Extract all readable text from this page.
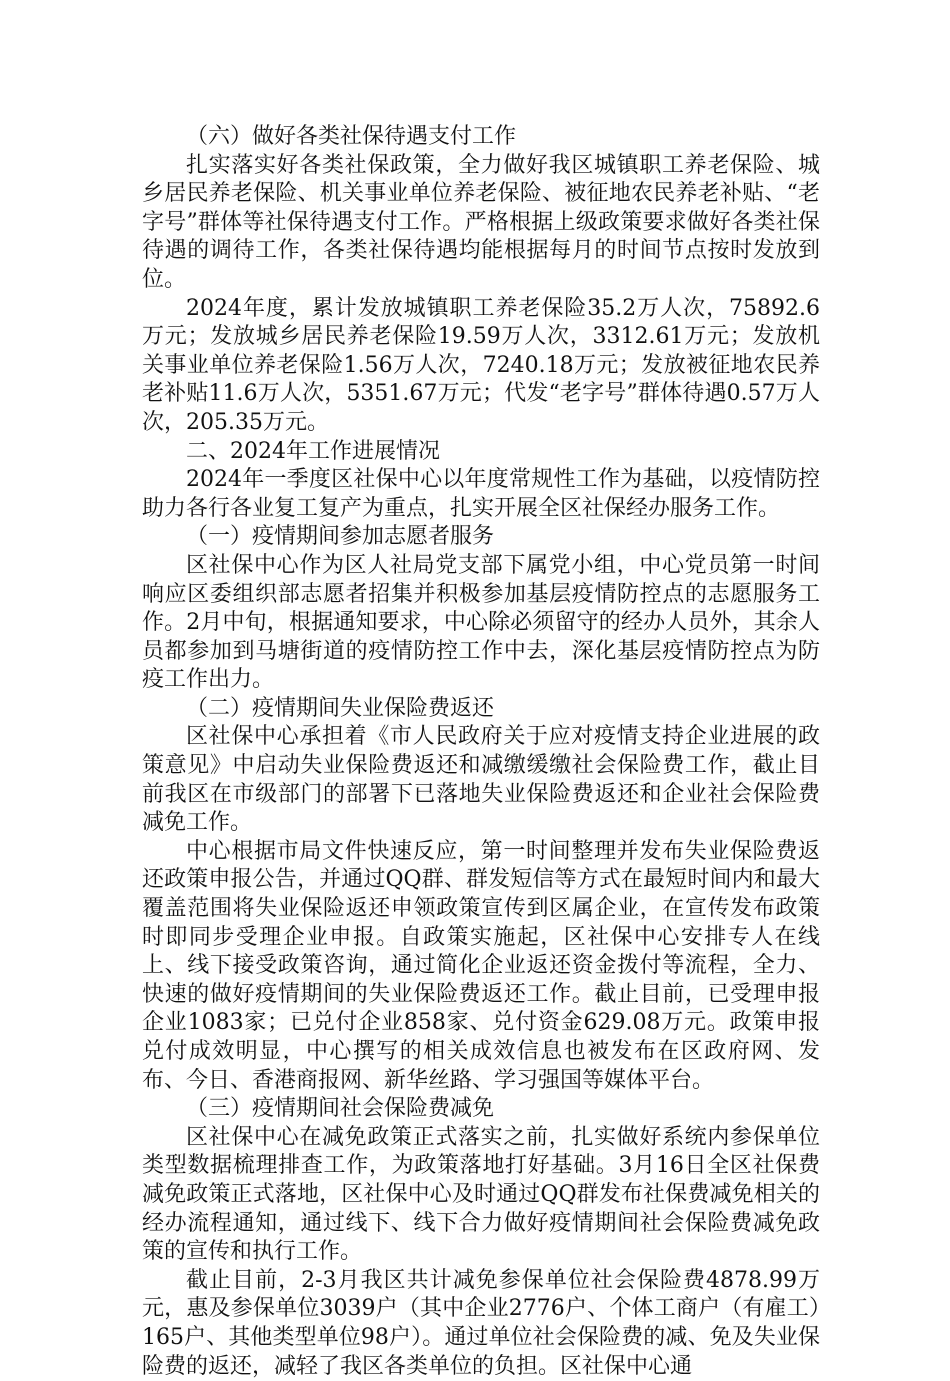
（六）做好各类社保待遇支付工作

扎实落实好各类社保政策，全力做好我区城镇职工养老保险、城乡居民养老保险、机关事业单位养老保险、被征地农民养老补贴、“老字号”群体等社保待遇支付工作。严格根据上级政策要求做好各类社保待遇的调待工作，各类社保待遇均能根据每月的时间节点按时发放到位。

2024年度，累计发放城镇职工养老保险35.2万人次，75892.6万元；发放城乡居民养老保险19.59万人次，3312.61万元；发放机关事业单位养老保险1.56万人次，7240.18万元；发放被征地农民养老补贴11.6万人次，5351.67万元；代发“老字号”群体待遇0.57万人次，205.35万元。

二、2024年工作进展情况

2024年一季度区社保中心以年度常规性工作为基础，以疫情防控助力各行各业复工复产为重点，扎实开展全区社保经办服务工作。

（一）疫情期间参加志愿者服务

区社保中心作为区人社局党支部下属党小组，中心党员第一时间响应区委组织部志愿者招集并积极参加基层疫情防控点的志愿服务工作。2月中旬，根据通知要求，中心除必须留守的经办人员外，其余人员都参加到马塘街道的疫情防控工作中去，深化基层疫情防控点为防疫工作出力。

（二）疫情期间失业保险费返还

区社保中心承担着《市人民政府关于应对疫情支持企业进展的政策意见》中启动失业保险费返还和减缴缓缴社会保险费工作，截止目前我区在市级部门的部署下已落地失业保险费返还和企业社会保险费减免工作。

中心根据市局文件快速反应，第一时间整理并发布失业保险费返还政策申报公告，并通过QQ群、群发短信等方式在最短时间内和最大覆盖范围将失业保险返还申领政策宣传到区属企业，在宣传发布政策时即同步受理企业申报。自政策实施起，区社保中心安排专人在线上、线下接受政策咨询，通过简化企业返还资金拨付等流程，全力、快速的做好疫情期间的失业保险费返还工作。截止目前，已受理申报企业1083家；已兑付企业858家、兑付资金629.08万元。政策申报兑付成效明显，中心撰写的相关成效信息也被发布在区政府网、发布、今日、香港商报网、新华丝路、学习强国等媒体平台。

（三）疫情期间社会保险费减免

区社保中心在减免政策正式落实之前，扎实做好系统内参保单位类型数据梳理排查工作，为政策落地打好基础。3月16日全区社保费减免政策正式落地，区社保中心及时通过QQ群发布社保费减免相关的经办流程通知，通过线下、线下合力做好疫情期间社会保险费减免政策的宣传和执行工作。

截止目前，2-3月我区共计减免参保单位社会保险费4878.99万元，惠及参保单位3039户（其中企业2776户、个体工商户（有雇工）165户、其他类型单位98户）。通过单位社会保险费的减、免及失业保险费的返还，减轻了我区各类单位的负担。区社保中心通
